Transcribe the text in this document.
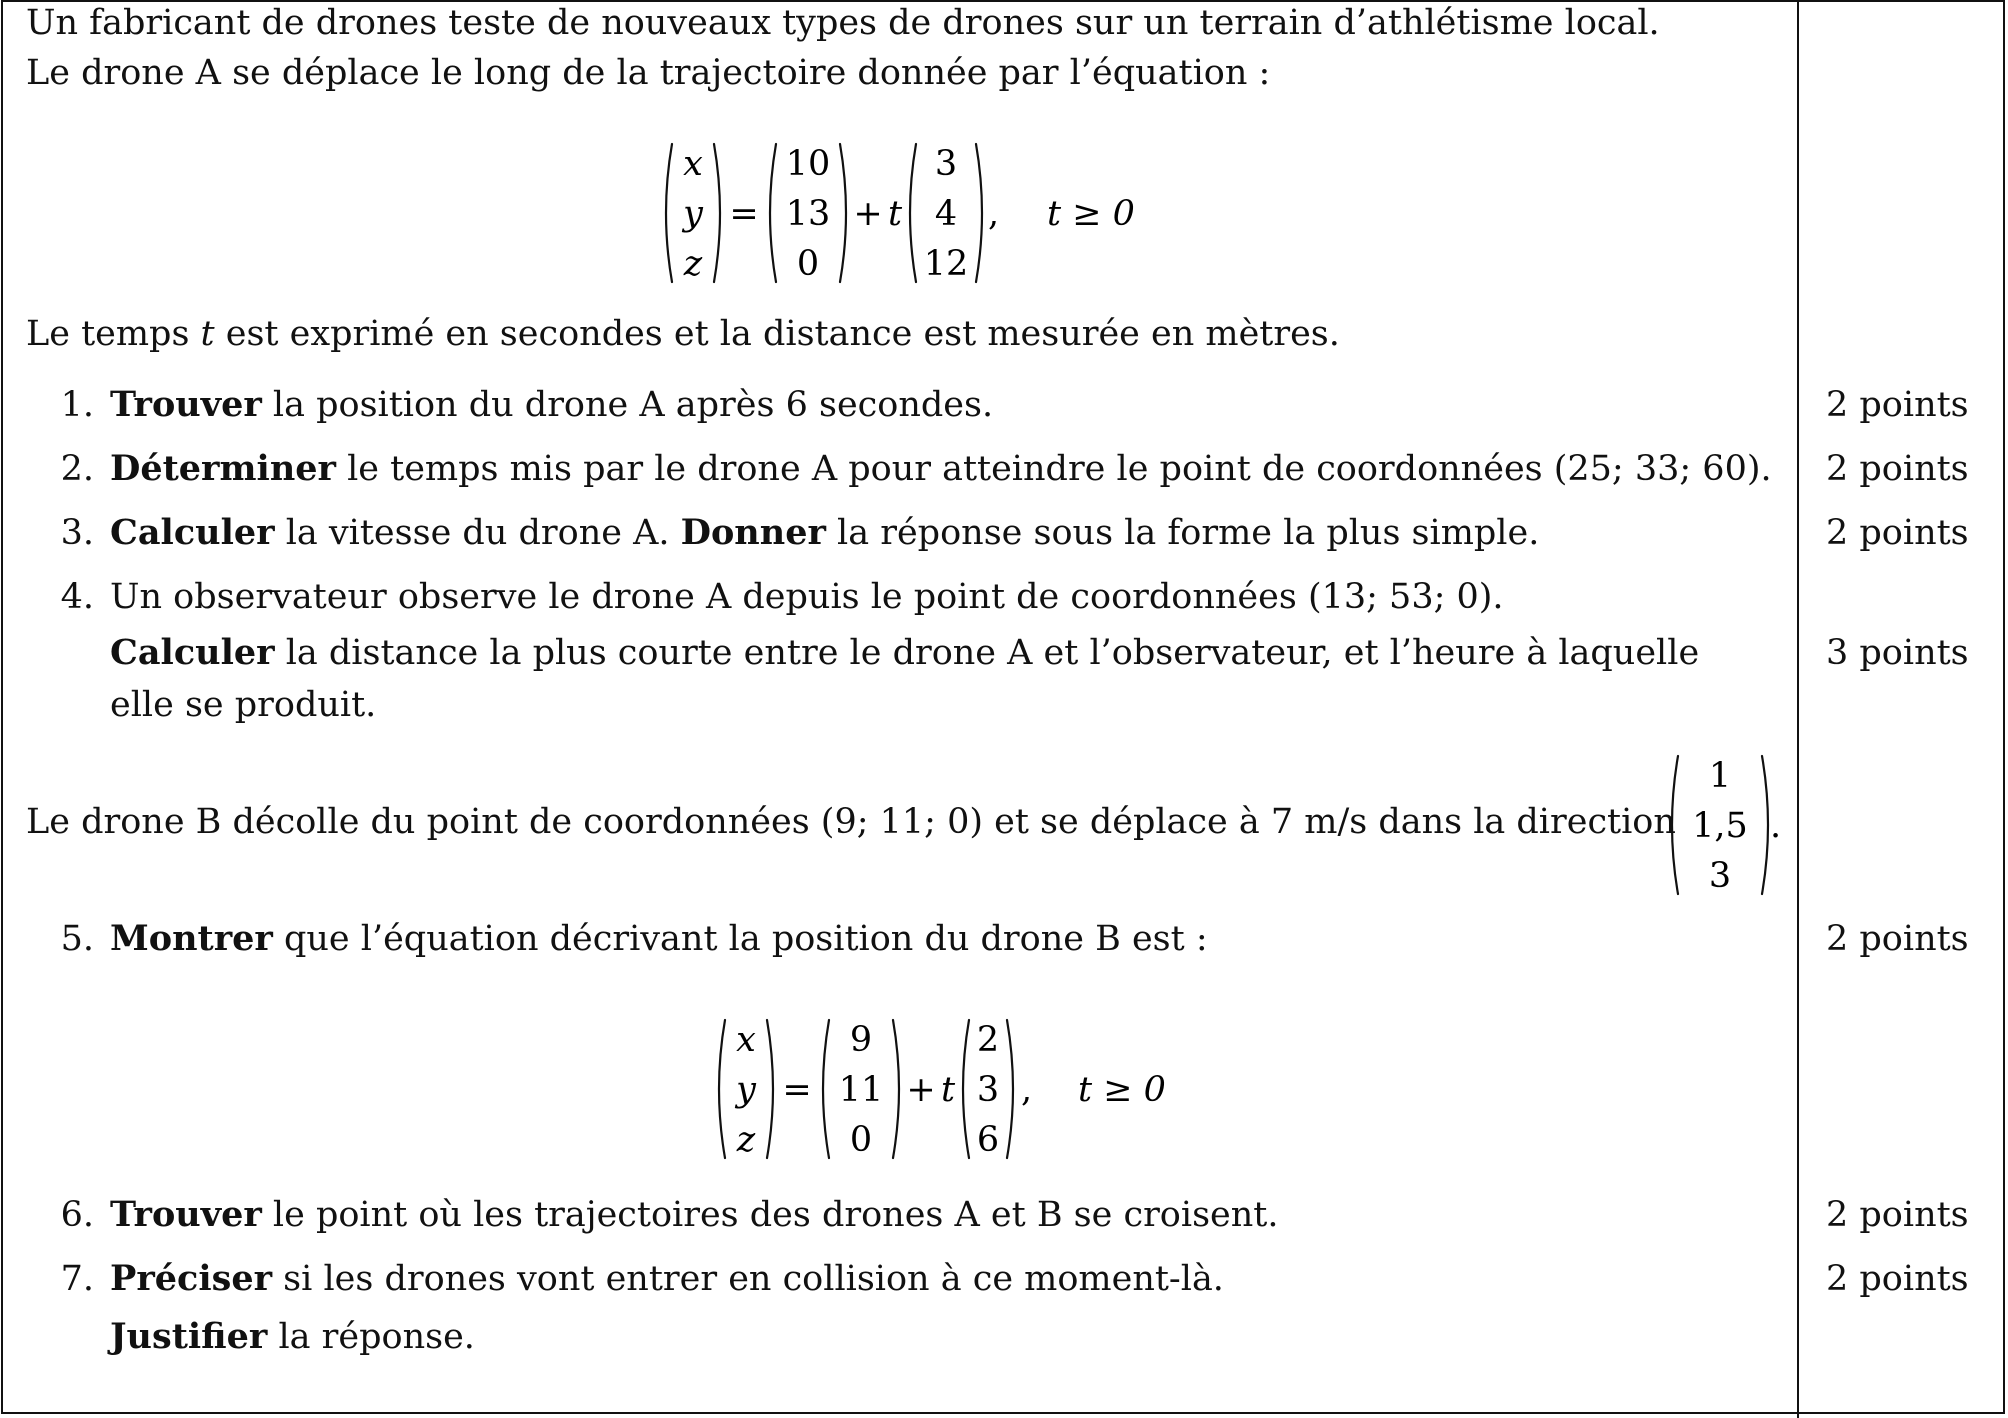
Un fabricant de drones teste de nouveaux types de drones sur un terrain d’athlétisme local.
Le drone A se déplace le long de la trajectoire donnée par l’équation :
x
y
z
=
10
13
0
+ t
3
4
12
, t ≥ 0
Le temps t est exprimé en secondes et la distance est mesurée en mètres.
1. Trouver la position du drone A après 6 secondes.	2 points
2. Déterminer le temps mis par le drone A pour atteindre le point de coordonnées (25; 33; 60). 2 points
3. Calculer la vitesse du drone A. Donner la réponse sous la forme la plus simple.	2 points
4. Un observateur observe le drone A depuis le point de coordonnées (13; 53; 0).
Calculer la distance la plus courte entre le drone A et l’observateur, et l’heure à laquelle
elle se produit.
3 points
Le drone B décolle du point de coordonnées (9; 11; 0) et se déplace à 7 m/s dans la direction
1
1,5
3
.
5. Montrer que l’équation décrivant la position du drone B est :	2 points
x
y
z
=
9
11
0
+ t
2
3
6
, t ≥ 0
6. Trouver le point où les trajectoires des drones A et B se croisent.	2 points
7. Préciser si les drones vont entrer en collision à ce moment-là.
Justifier la réponse.
2 points
